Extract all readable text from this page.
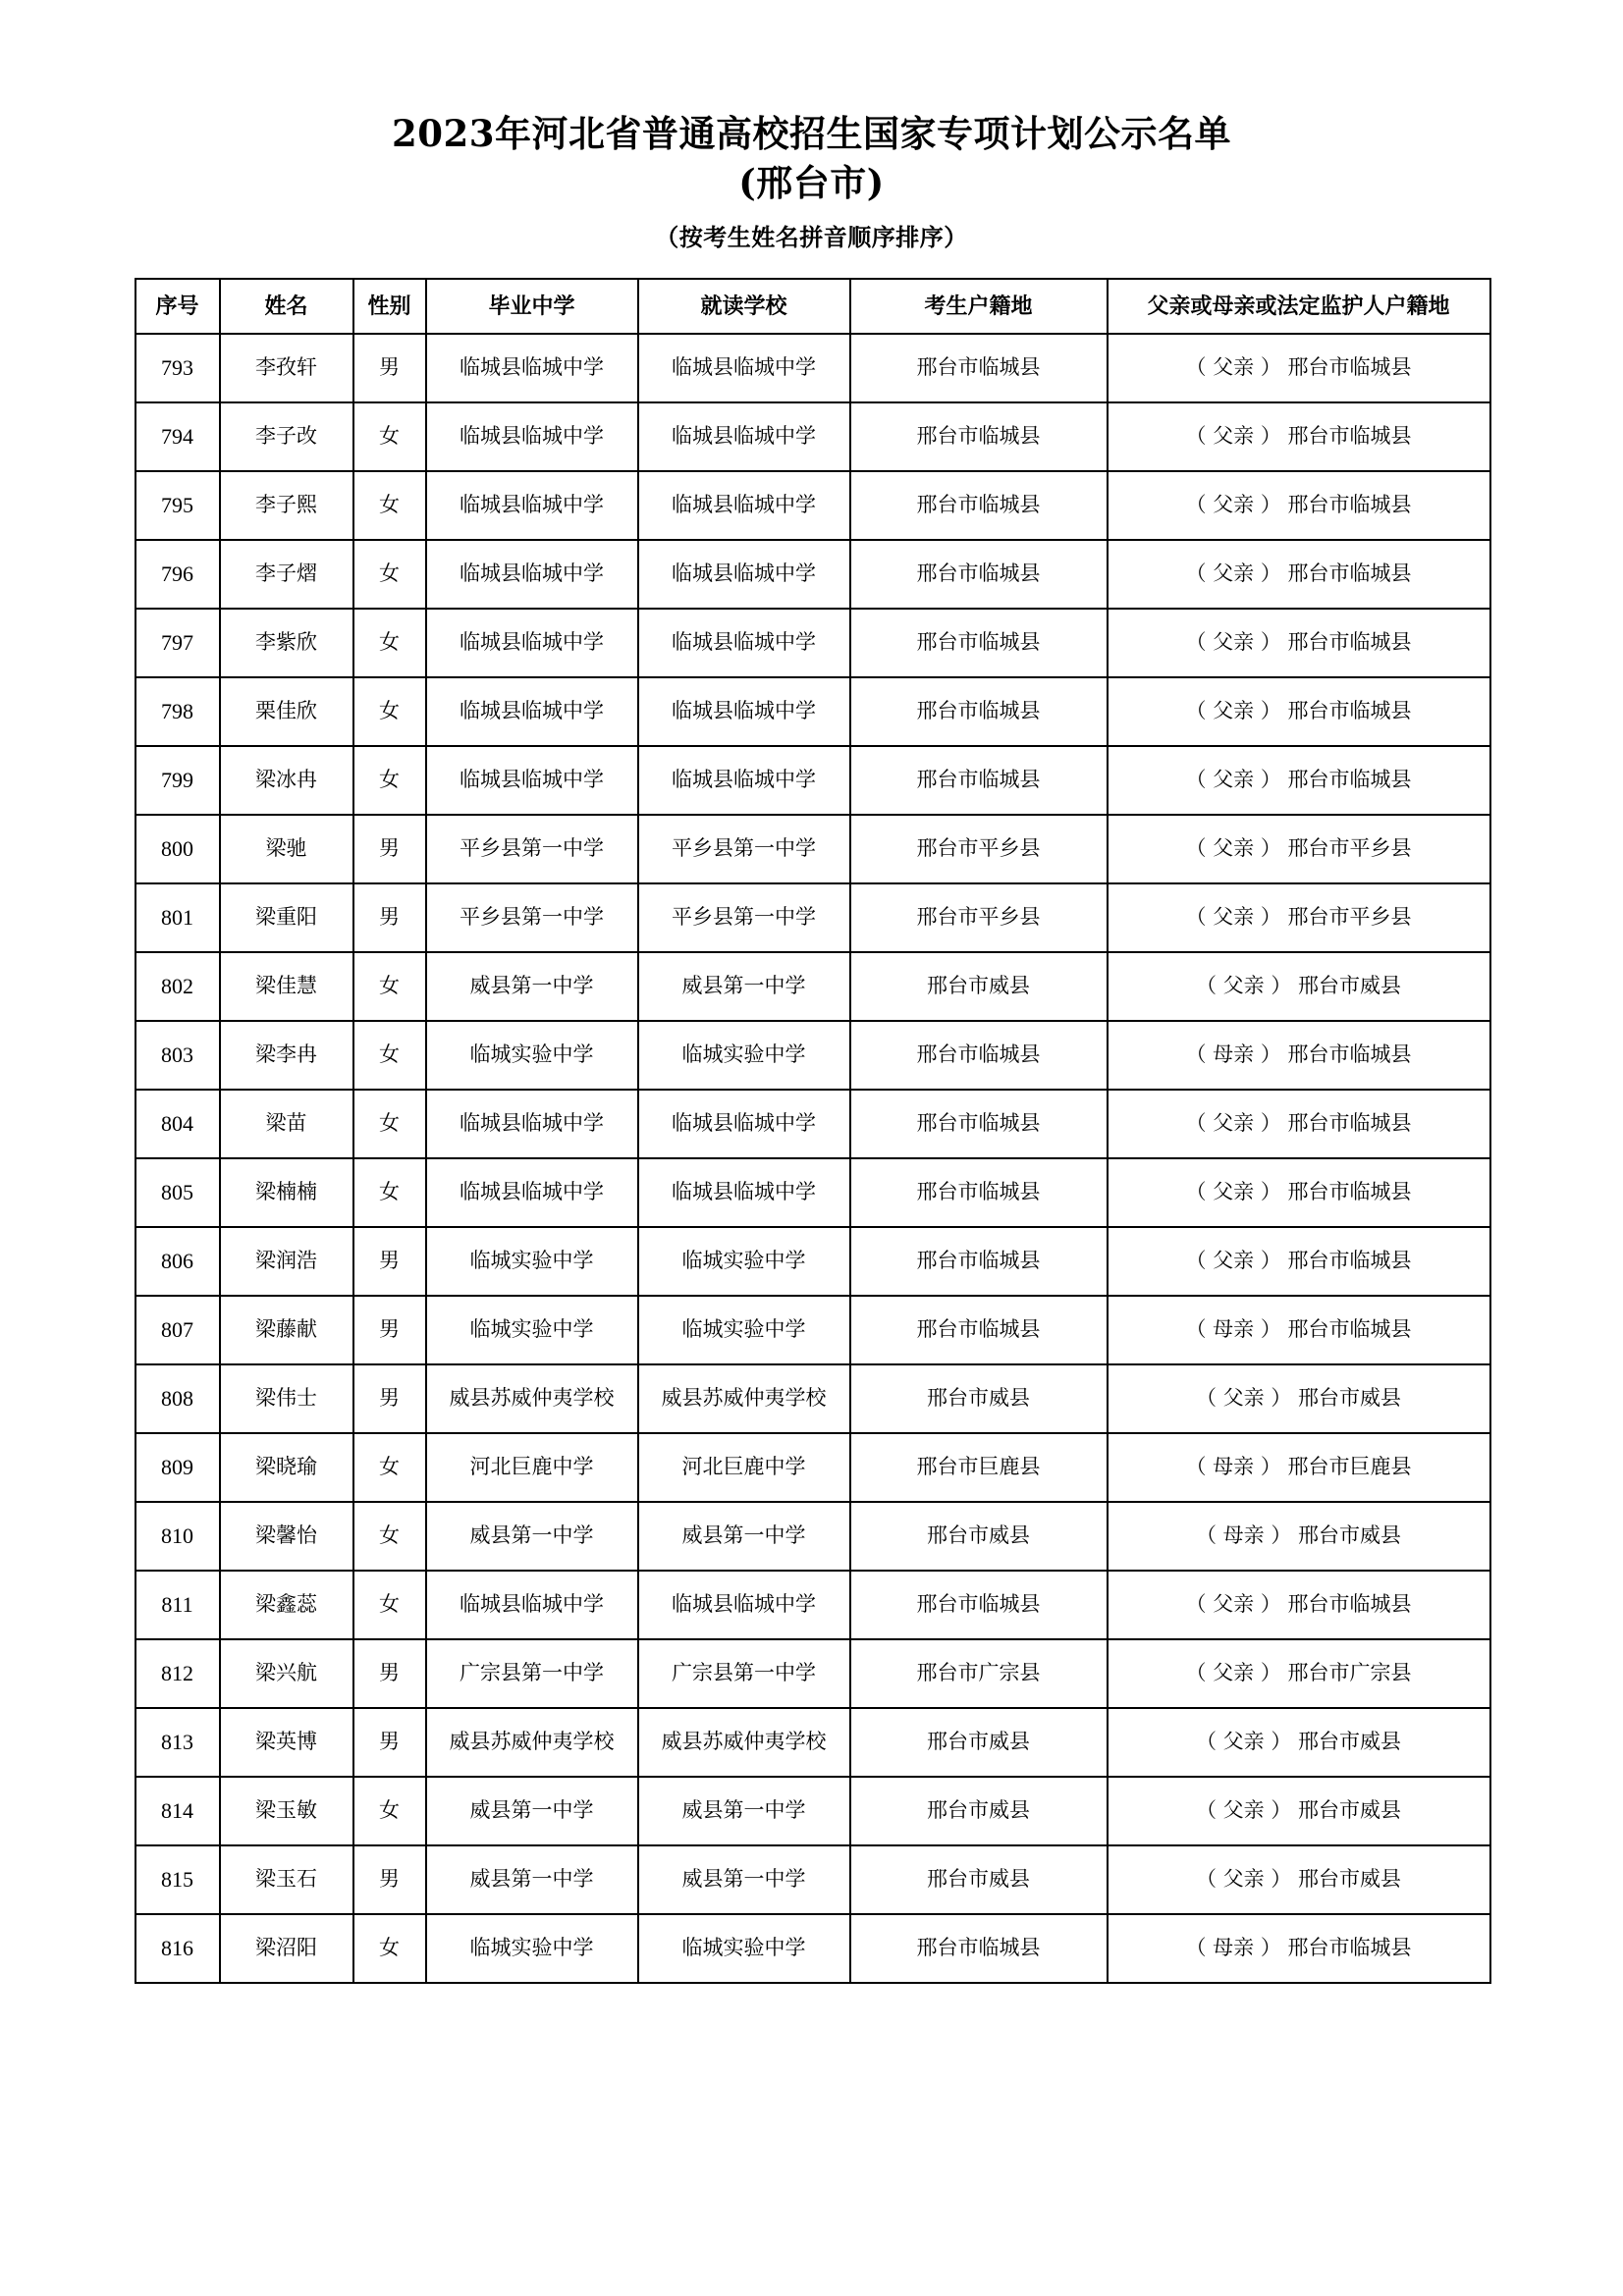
2023年河北省普通高校招生国家专项计划公示名单
(邢台市)
（按考生姓名拼音顺序排序）
序号	姓名	性别	毕业中学	就读学校	考生户籍地	父亲或母亲或法定监护人户籍地
793	李孜轩	男	临城县临城中学	临城县临城中学	邢台市临城县	（ 父亲 ） 邢台市临城县
794	李子改	女	临城县临城中学	临城县临城中学	邢台市临城县	（ 父亲 ） 邢台市临城县
795	李子熙	女	临城县临城中学	临城县临城中学	邢台市临城县	（ 父亲 ） 邢台市临城县
796	李子熠	女	临城县临城中学	临城县临城中学	邢台市临城县	（ 父亲 ） 邢台市临城县
797	李紫欣	女	临城县临城中学	临城县临城中学	邢台市临城县	（ 父亲 ） 邢台市临城县
798	栗佳欣	女	临城县临城中学	临城县临城中学	邢台市临城县	（ 父亲 ） 邢台市临城县
799	梁冰冉	女	临城县临城中学	临城县临城中学	邢台市临城县	（ 父亲 ） 邢台市临城县
800	梁驰	男	平乡县第一中学	平乡县第一中学	邢台市平乡县	（ 父亲 ） 邢台市平乡县
801	梁重阳	男	平乡县第一中学	平乡县第一中学	邢台市平乡县	（ 父亲 ） 邢台市平乡县
802	梁佳慧	女	威县第一中学	威县第一中学	邢台市威县	（ 父亲 ） 邢台市威县
803	梁李冉	女	临城实验中学	临城实验中学	邢台市临城县	（ 母亲 ） 邢台市临城县
804	梁苗	女	临城县临城中学	临城县临城中学	邢台市临城县	（ 父亲 ） 邢台市临城县
805	梁楠楠	女	临城县临城中学	临城县临城中学	邢台市临城县	（ 父亲 ） 邢台市临城县
806	梁润浩	男	临城实验中学	临城实验中学	邢台市临城县	（ 父亲 ） 邢台市临城县
807	梁藤献	男	临城实验中学	临城实验中学	邢台市临城县	（ 母亲 ） 邢台市临城县
808	梁伟士	男	威县苏威仲夷学校	威县苏威仲夷学校	邢台市威县	（ 父亲 ） 邢台市威县
809	梁晓瑜	女	河北巨鹿中学	河北巨鹿中学	邢台市巨鹿县	（ 母亲 ） 邢台市巨鹿县
810	梁馨怡	女	威县第一中学	威县第一中学	邢台市威县	（ 母亲 ） 邢台市威县
811	梁鑫蕊	女	临城县临城中学	临城县临城中学	邢台市临城县	（ 父亲 ） 邢台市临城县
812	梁兴航	男	广宗县第一中学	广宗县第一中学	邢台市广宗县	（ 父亲 ） 邢台市广宗县
813	梁英博	男	威县苏威仲夷学校	威县苏威仲夷学校	邢台市威县	（ 父亲 ） 邢台市威县
814	梁玉敏	女	威县第一中学	威县第一中学	邢台市威县	（ 父亲 ） 邢台市威县
815	梁玉石	男	威县第一中学	威县第一中学	邢台市威县	（ 父亲 ） 邢台市威县
816	梁沼阳	女	临城实验中学	临城实验中学	邢台市临城县	（ 母亲 ） 邢台市临城县
